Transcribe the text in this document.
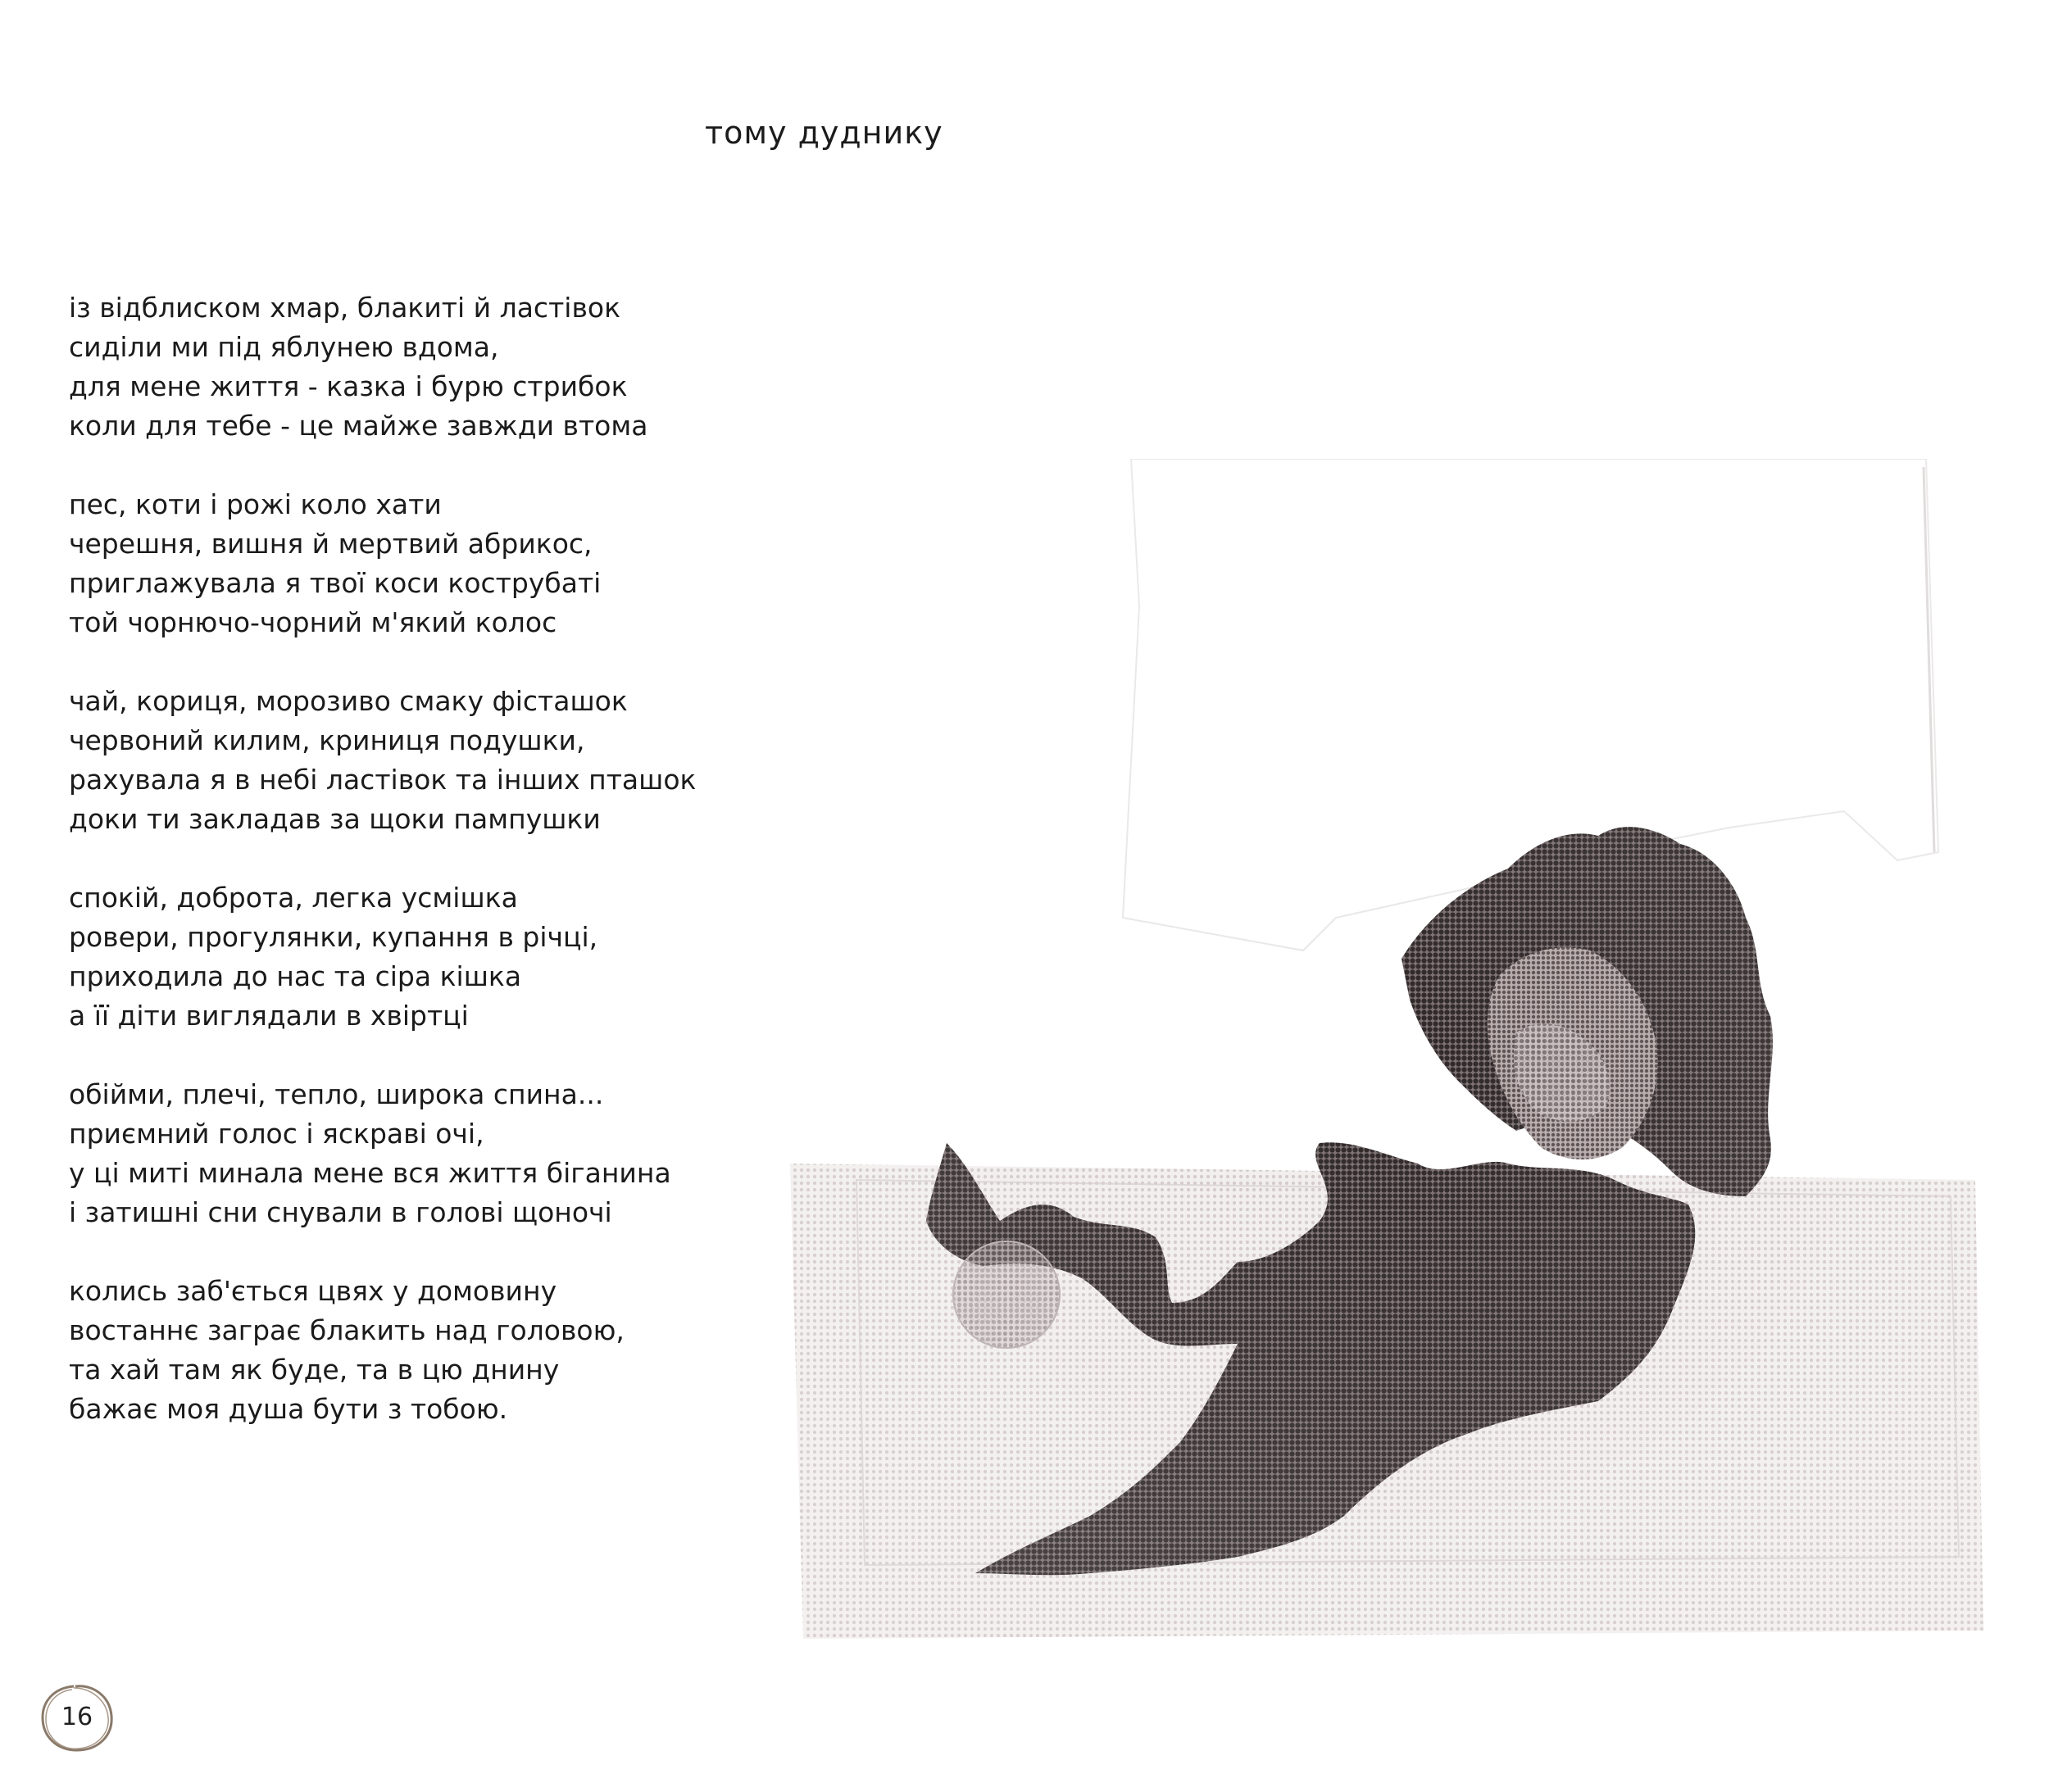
тому дуднику
із відблиском хмар, блакиті й ластівок
сиділи ми під яблунею вдома,
для мене життя - казка і бурю стрибок
коли для тебе - це майже завжди втома
пес, коти і рожі коло хати
черешня, вишня й мертвий абрикос,
приглажувала я твої коси кострубаті
той чорнючо-чорний м'який колос
чай, кориця, морозиво смаку фісташок
червоний килим, криниця подушки,
рахувала я в небі ластівок та інших пташок
доки ти закладав за щоки пампушки
спокій, доброта, легка усмішка
ровери, прогулянки, купання в річці,
приходила до нас та сіра кішка
а її діти виглядали в хвіртці
обійми, плечі, тепло, широка спина...
приємний голос і яскраві очі,
у ці миті минала мене вся життя біганина
і затишні сни снували в голові щоночі
колись заб'ється цвях у домовину
востаннє заграє блакить над головою,
та хай там як буде, та в цю днину
бажає моя душа бути з тобою.
16
